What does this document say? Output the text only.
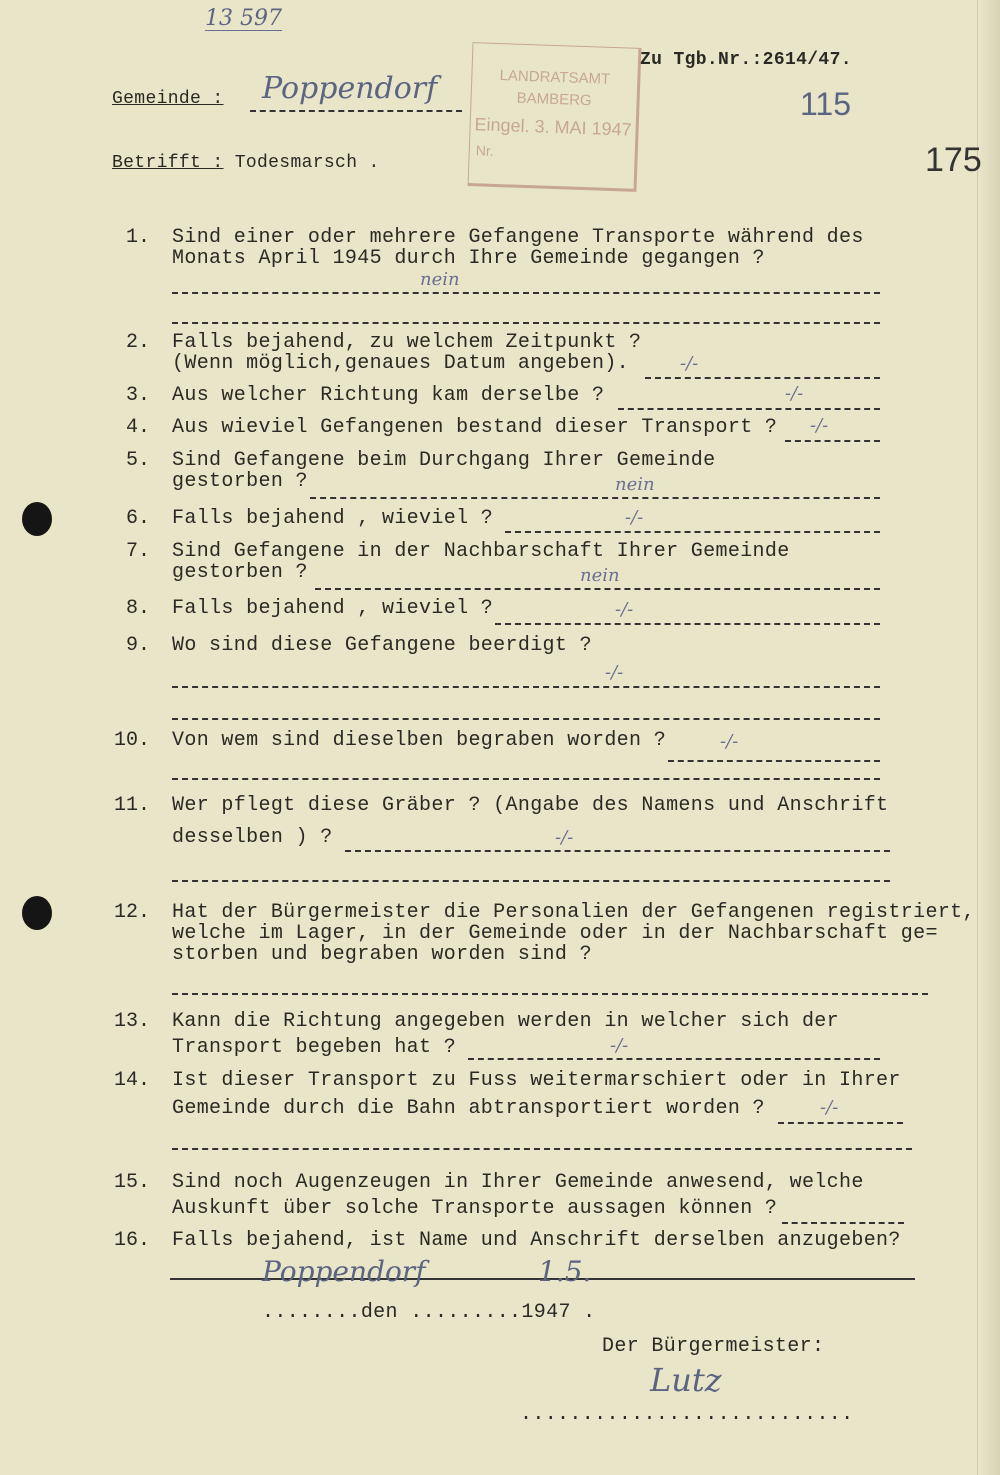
13 597
Zu Tgb.Nr.:2614/47.
LANDRATSAMT
BAMBERG
Eingel. 3. MAI 1947
Nr.
Gemeinde : Poppendorf	115
Betrifft : Todesmarsch .	175
1. Sind einer oder mehrere Gefangene Transporte während des
Monats April 1945 durch Ihre Gemeinde gegangen ?
nein
2. Falls bejahend, zu welchem Zeitpunkt ?
(Wenn möglich,genaues Datum angeben).	-/-
3. Aus welcher Richtung kam derselbe ?	-/-
4. Aus wieviel Gefangenen bestand dieser Transport ? -/-
5. Sind Gefangene beim Durchgang Ihrer Gemeinde
gestorben ?	nein
6. Falls bejahend , wieviel ?	-/-
7. Sind Gefangene in der Nachbarschaft Ihrer Gemeinde
gestorben ?	nein
8. Falls bejahend , wieviel ?	-/-
9. Wo sind diese Gefangene beerdigt ?
-/-
10. Von wem sind dieselben begraben worden ?	-/-
11. Wer pflegt diese Gräber ? (Angabe des Namens und Anschrift
desselben ) ?	-/-
12. Hat der Bürgermeister die Personalien der Gefangenen registriert,
welche im Lager, in der Gemeinde oder in der Nachbarschaft ge=
storben und begraben worden sind ?
13. Kann die Richtung angegeben werden in welcher sich der
Transport begeben hat ?	-/-
14. Ist dieser Transport zu Fuss weitermarschiert oder in Ihrer
Gemeinde durch die Bahn abtransportiert worden ?	-/-
15. Sind noch Augenzeugen in Ihrer Gemeinde anwesend, welche
Auskunft über solche Transporte aussagen können ?
16. Falls bejahend, ist Name und Anschrift derselben anzugeben?
Poppendorf	1.5.
........den .........1947 .
Der Bürgermeister:
Lutz
...........................
